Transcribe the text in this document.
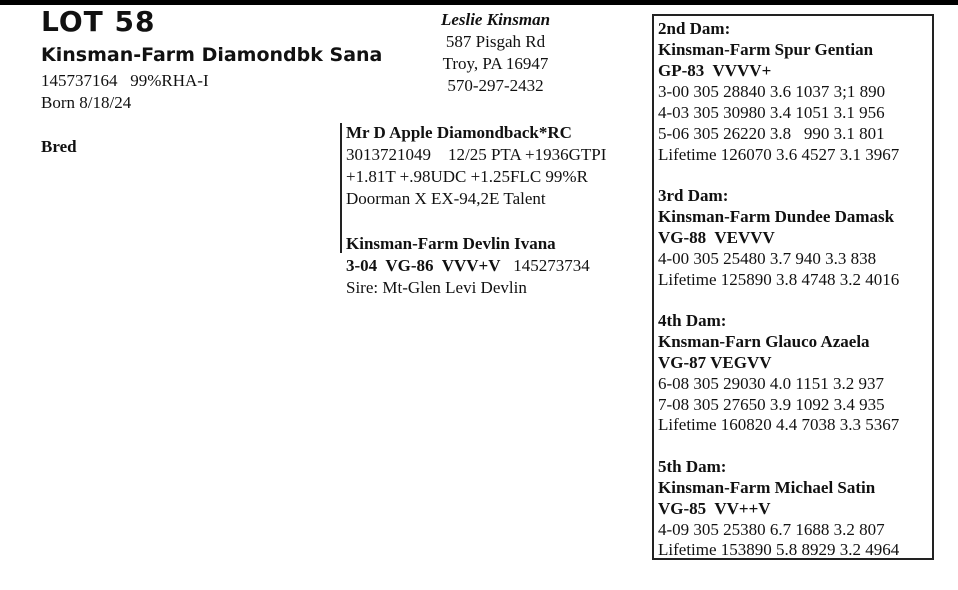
LOT 58
Kinsman-Farm Diamondbk Sana
145737164   99%RHA-I
Born 8/18/24
Bred
Leslie Kinsman
587 Pisgah Rd
Troy, PA 16947
570-297-2432
Mr D Apple Diamondback*RC
3013721049    12/25 PTA +1936GTPI
+1.81T +.98UDC +1.25FLC 99%R
Doorman X EX-94,2E Talent
Kinsman-Farm Devlin Ivana
3-04  VG-86  VVV+V 145273734
Sire: Mt-Glen Levi Devlin
2nd Dam:
Kinsman-Farm Spur Gentian
GP-83  VVVV+
3-00 305 28840 3.6 1037 3;1 890
4-03 305 30980 3.4 1051 3.1 956
5-06 305 26220 3.8   990 3.1 801
Lifetime 126070 3.6 4527 3.1 3967
3rd Dam:
Kinsman-Farm Dundee Damask
VG-88  VEVVV
4-00 305 25480 3.7 940 3.3 838
Lifetime 125890 3.8 4748 3.2 4016
4th Dam:
Knsman-Farn Glauco Azaela
VG-87 VEGVV
6-08 305 29030 4.0 1151 3.2 937
7-08 305 27650 3.9 1092 3.4 935
Lifetime 160820 4.4 7038 3.3 5367
5th Dam:
Kinsman-Farm Michael Satin
VG-85  VV++V
4-09 305 25380 6.7 1688 3.2 807
Lifetime 153890 5.8 8929 3.2 4964
